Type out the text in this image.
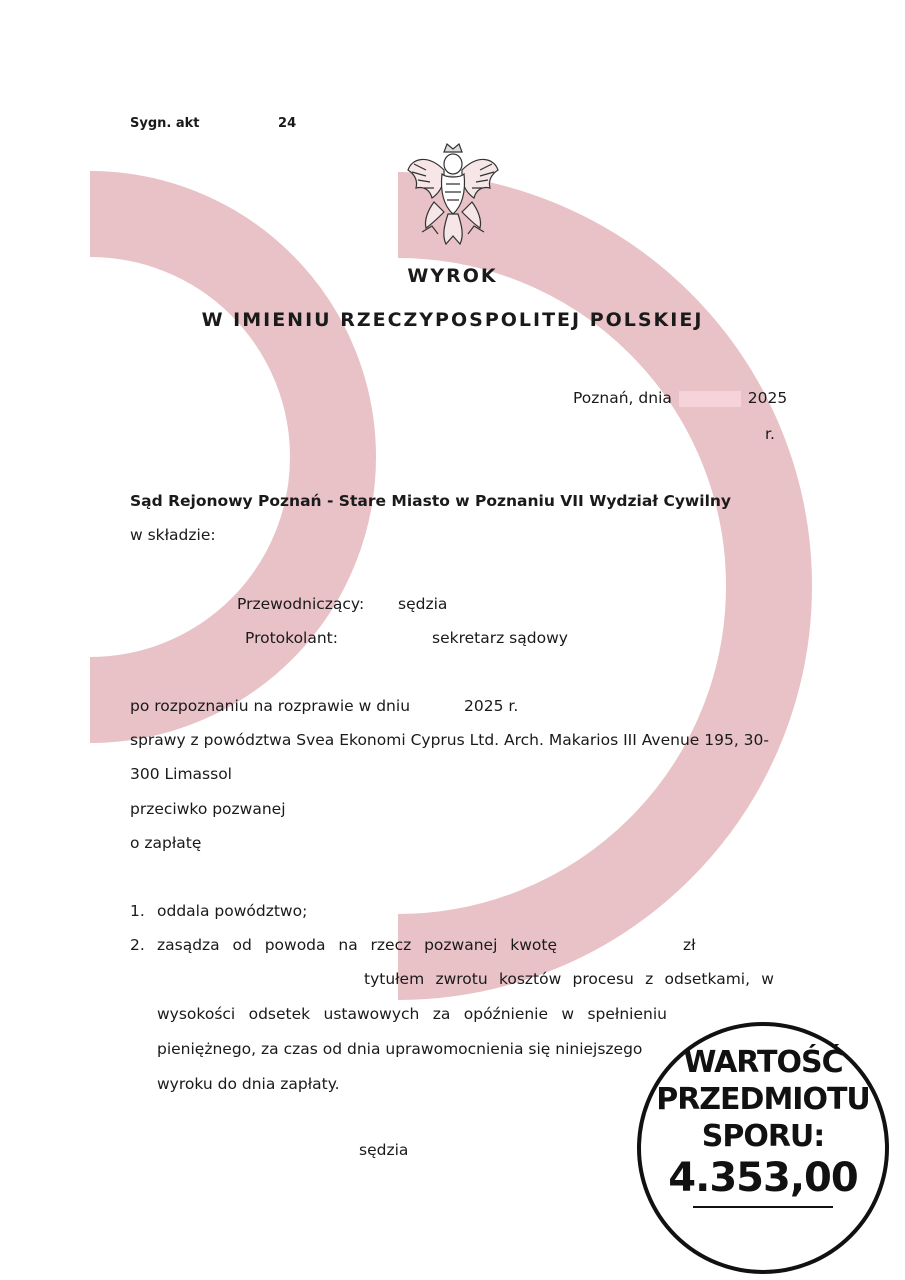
Sygn. akt	24
WYROK
W IMIENIU RZECZYPOSPOLITEJ POLSKIEJ
Poznań, dnia	2025
r.
Sąd Rejonowy Poznań - Stare Miasto w Poznaniu VII Wydział Cywilny
w składzie:
Przewodniczący: sędzia
Protokolant:	sekretarz sądowy
po rozpoznaniu na rozprawie w dniu	2025 r.
sprawy z powództwa Svea Ekonomi Cyprus Ltd. Arch. Makarios III Avenue 195, 30-
300 Limassol
przeciwko pozwanej
o zapłatę
1. oddala powództwo;
2. zasądza od powoda na rzecz pozwanej kwotę	zł
tytułem zwrotu kosztów procesu z odsetkami, w
wysokości odsetek ustawowych za opóźnienie w spełnieniu
pieniężnego, za czas od dnia uprawomocnienia się niniejszego
wyroku do dnia zapłaty.
sędzia
WARTOŚĆ
PRZEDMIOTU
SPORU:
4.353,00
